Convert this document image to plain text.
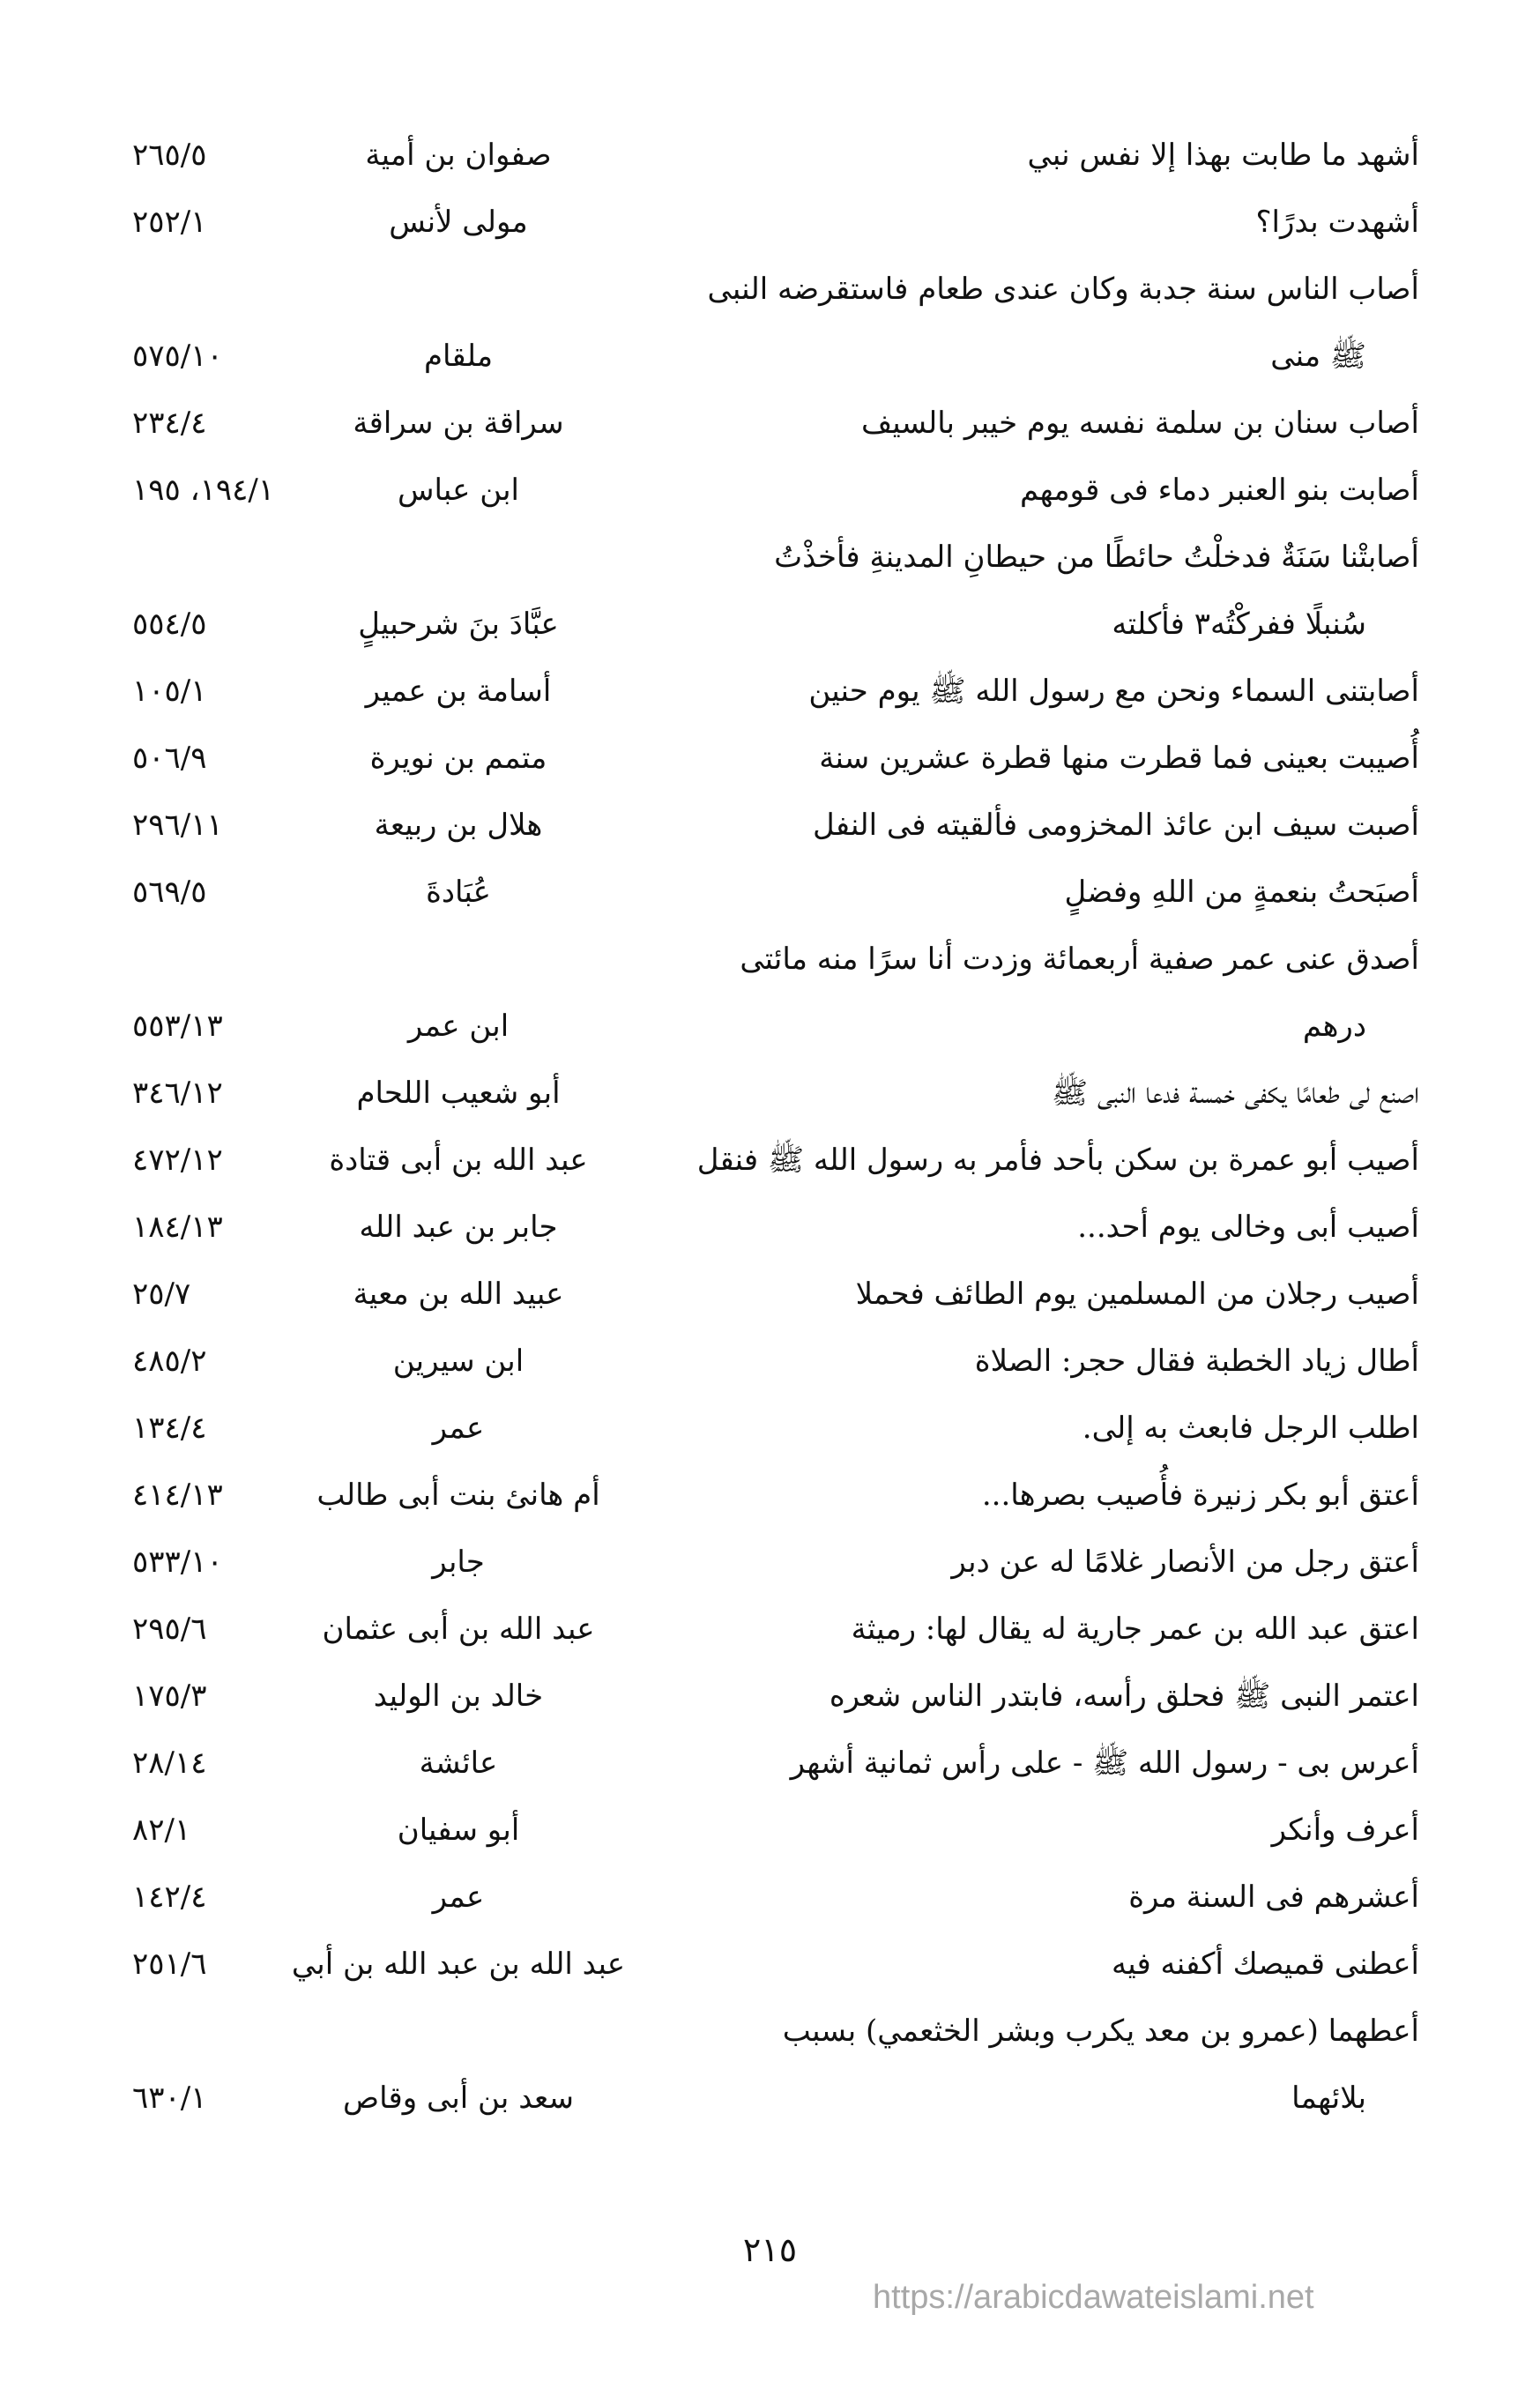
أشهد ما طابت بهذا إلا نفس نبي
صفوان بن أمية
٢٦٥/٥
أشهدت بدرًا؟
مولى لأنس
٢٥٢/١
أصاب الناس سنة جدبة وكان عندى طعام فاستقرضه النبى
ﷺ منى
ملقام
٥٧٥/١٠
أصاب سنان بن سلمة نفسه يوم خيبر بالسيف
سراقة بن سراقة
٢٣٤/٤
أصابت بنو العنبر دماء فى قومهم
ابن عباس
١٩٤/١، ١٩٥
أصابتْنا سَنَةٌ فدخلْتُ حائطًا من حيطانِ المدينةِ فأخذْتُ
سُنبلًا ففركْتُه٣ فأكلته
عبَّادَ بنَ شرحبيلٍ
٥٥٤/٥
أصابتنى السماء ونحن مع رسول الله ﷺ يوم حنين
أسامة بن عمير
١٠٥/١
أُصيبت بعينى فما قطرت منها قطرة عشرين سنة
متمم بن نويرة
٥٠٦/٩
أصبت سيف ابن عائذ المخزومى فألقيته فى النفل
هلال بن ربيعة
٢٩٦/١١
أصبَحتُ بنعمةٍ من اللهِ وفضلٍ
عُبَادةَ
٥٦٩/٥
أصدق عنى عمر صفية أربعمائة وزدت أنا سرًا منه مائتى
درهم
ابن عمر
٥٥٣/١٣
اصنع لى طعامًا يكفى خمسة فدعا النبى ﷺ
أبو شعيب اللحام
٣٤٦/١٢
أصيب أبو عمرة بن سكن بأحد فأمر به رسول الله ﷺ فنقل
عبد الله بن أبى قتادة
٤٧٢/١٢
أصيب أبى وخالى يوم أحد...
جابر بن عبد الله
١٨٤/١٣
أصيب رجلان من المسلمين يوم الطائف فحملا
عبيد الله بن معية
٢٥/٧
أطال زياد الخطبة فقال حجر: الصلاة
ابن سيرين
٤٨٥/٢
اطلب الرجل فابعث به إلى.
عمر
١٣٤/٤
أعتق أبو بكر زنيرة فأُصيب بصرها...
أم هانئ بنت أبى طالب
٤١٤/١٣
أعتق رجل من الأنصار غلامًا له عن دبر
جابر
٥٣٣/١٠
اعتق عبد الله بن عمر جارية له يقال لها: رميثة
عبد الله بن أبى عثمان
٢٩٥/٦
اعتمر النبى ﷺ فحلق رأسه، فابتدر الناس شعره
خالد بن الوليد
١٧٥/٣
أعرس بى - رسول الله ﷺ - على رأس ثمانية أشهر
عائشة
٢٨/١٤
أعرف وأنكر
أبو سفيان
٨٢/١
أعشرهم فى السنة مرة
عمر
١٤٢/٤
أعطنى قميصك أكفنه فيه
عبد الله بن عبد الله بن أبي
٢٥١/٦
أعطهما (عمرو بن معد يكرب وبشر الخثعمي) بسبب
بلائهما
سعد بن أبى وقاص
٦٣٠/١
٢١٥
https://arabicdawateislami.net
